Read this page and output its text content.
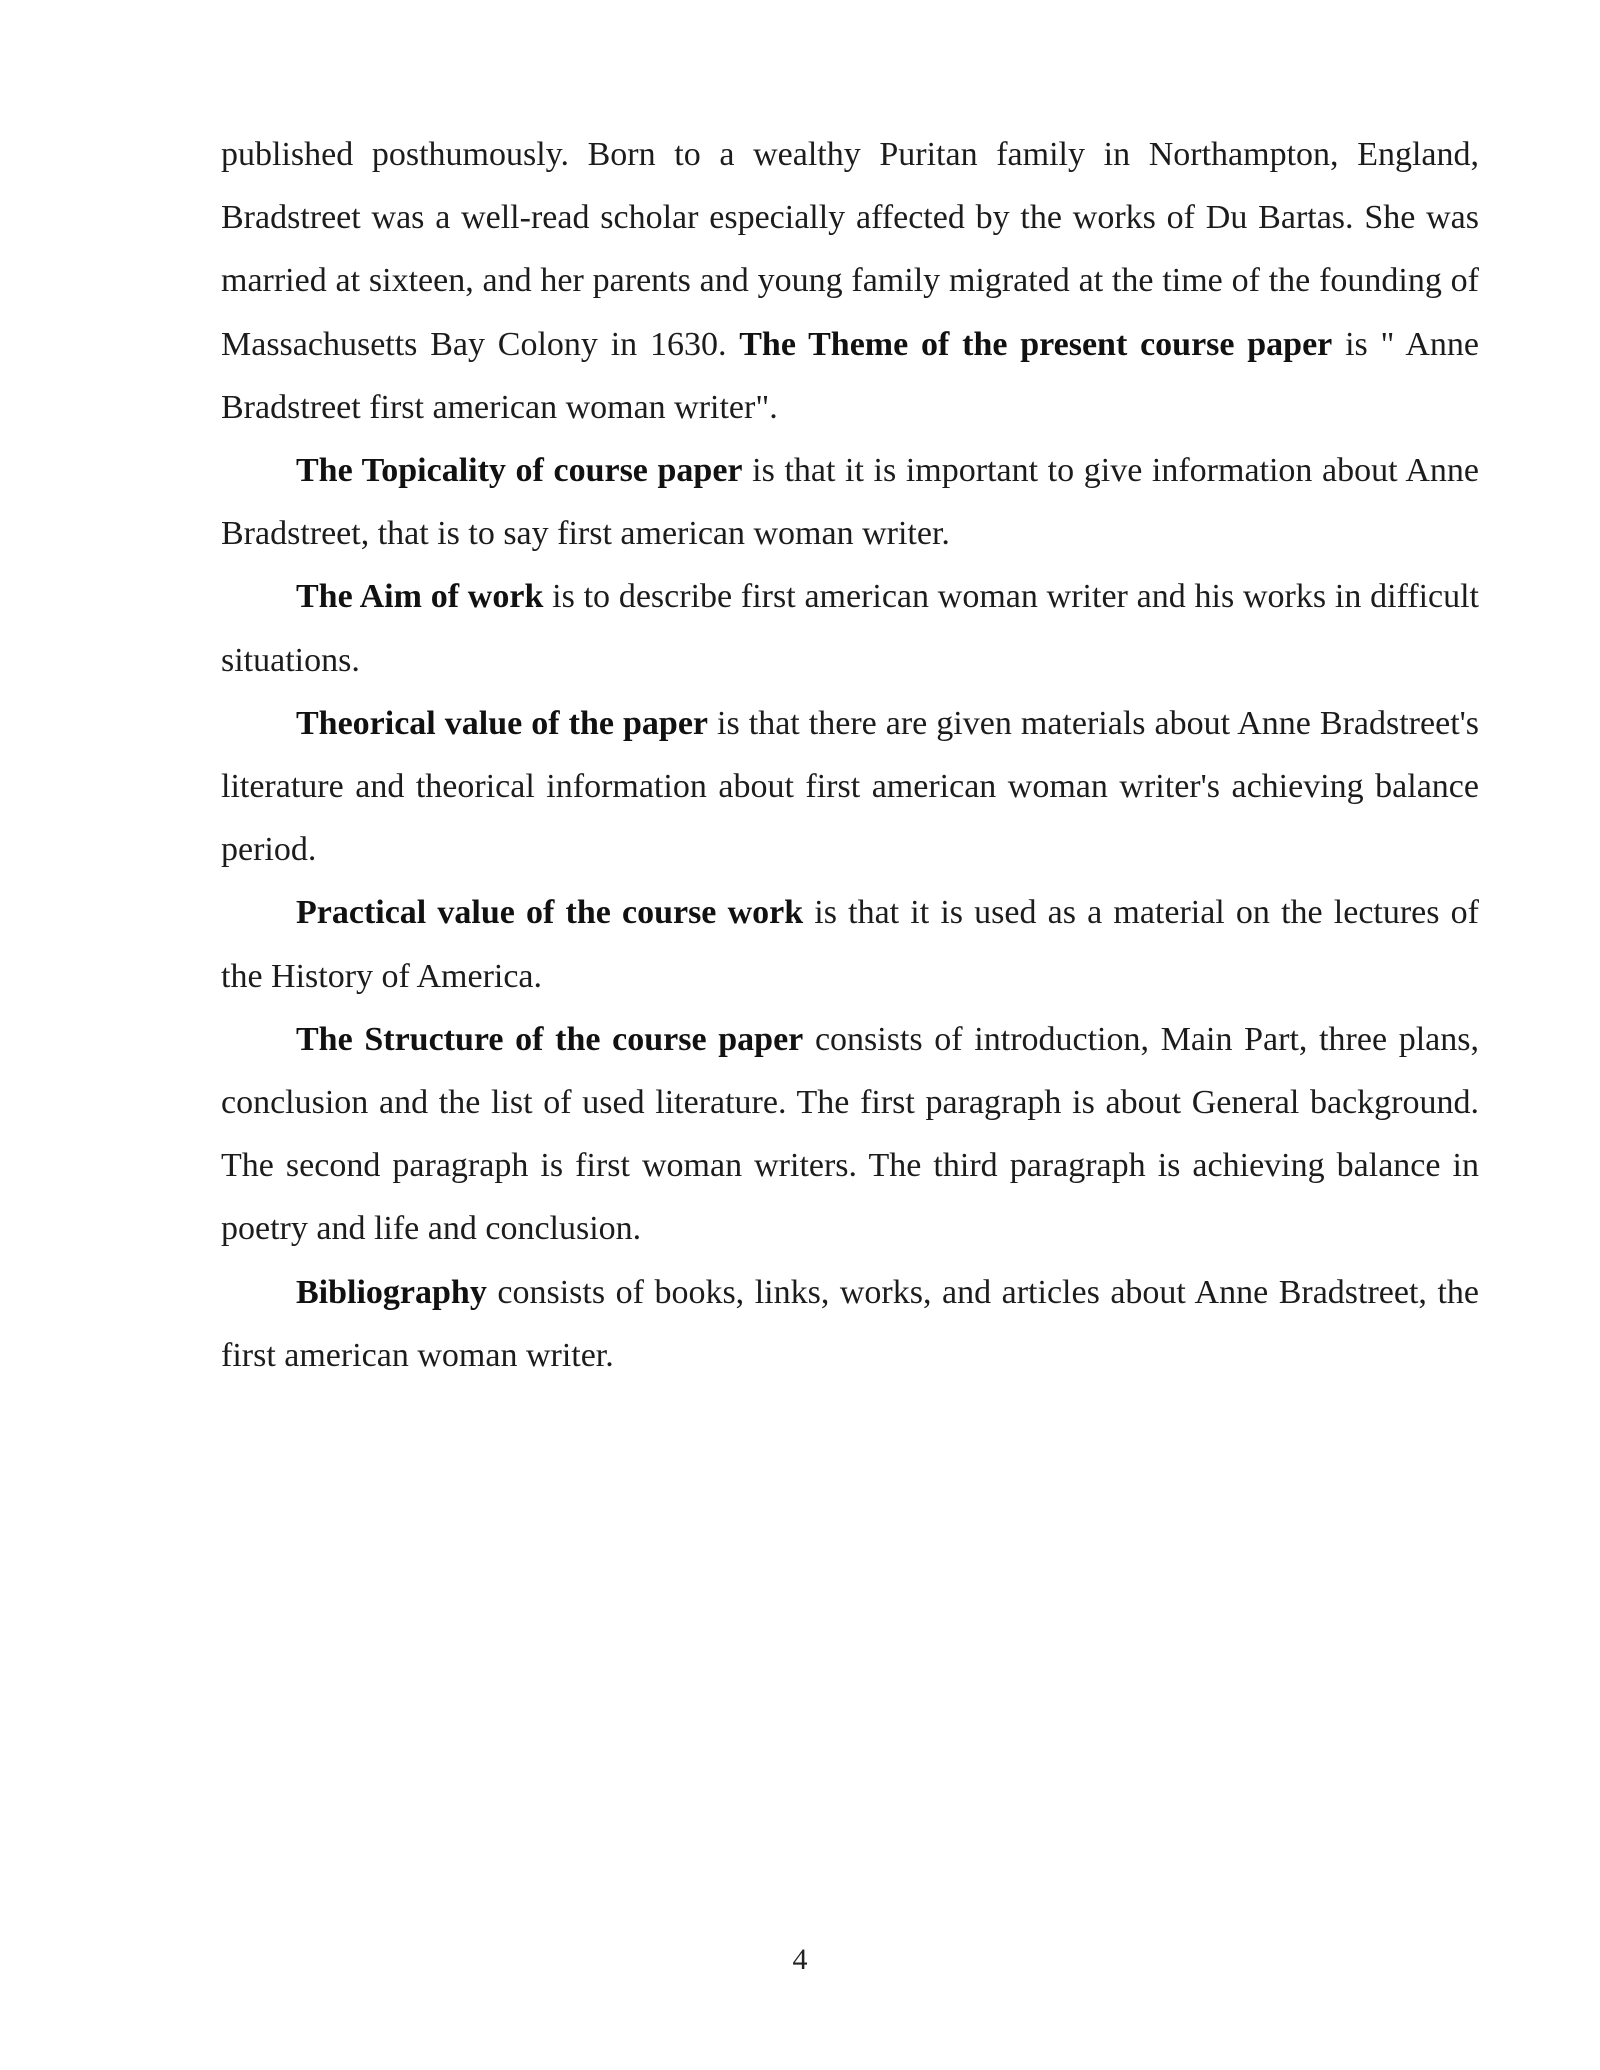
published posthumously. Born to a wealthy Puritan family in Northampton, England, Bradstreet was a well-read scholar especially affected by the works of Du Bartas. She was married at sixteen, and her parents and young family migrated at the time of the founding of Massachusetts Bay Colony in 1630. The Theme of the present course paper is " Anne Bradstreet first american woman writer".

The Topicality of course paper is that it is important to give information about Anne Bradstreet, that is to say first american woman writer.

The Aim of work is to describe first american woman writer and his works in difficult situations.

Theorical value of the paper is that there are given materials about Anne Bradstreet's literature and theorical information about first american woman writer's achieving balance period.

Practical value of the course work is that it is used as a material on the lectures of the History of America.

The Structure of the course paper consists of introduction, Main Part, three plans, conclusion and the list of used literature. The first paragraph is about General background. The second paragraph is first woman writers. The third paragraph is achieving balance in poetry and life and conclusion.

Bibliography consists of books, links, works, and articles about Anne Bradstreet, the first american woman writer.

4
